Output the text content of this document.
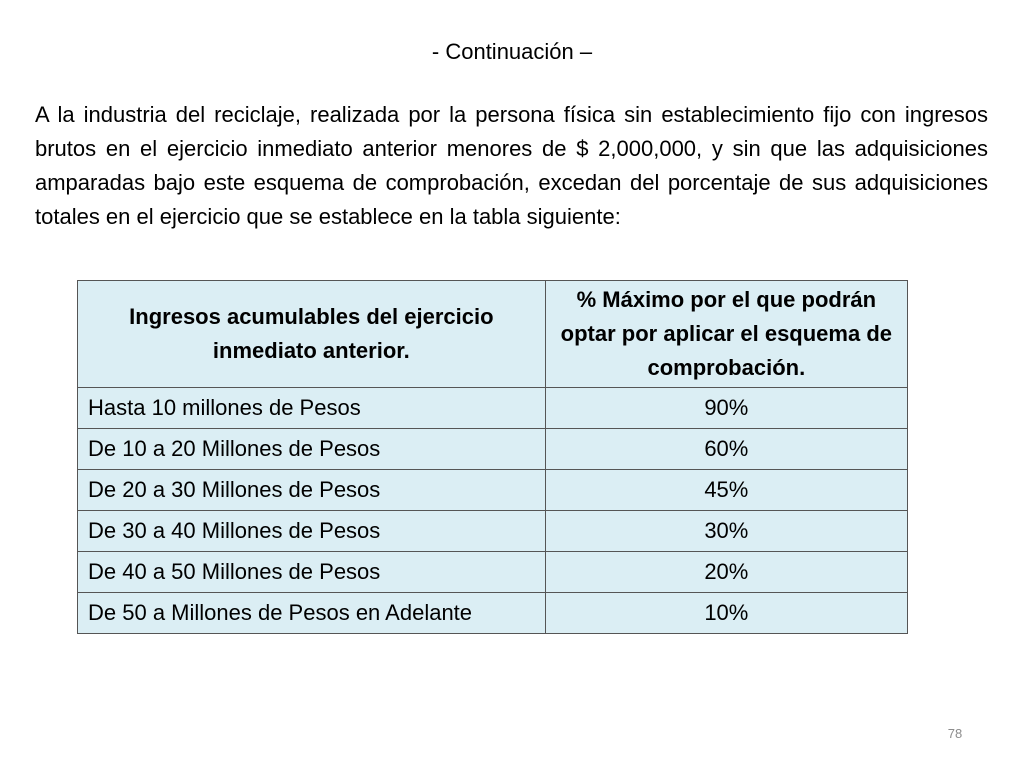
- Continuación –

A la industria del reciclaje, realizada por la persona física sin establecimiento fijo con ingresos brutos en el ejercicio inmediato anterior menores de $ 2,000,000, y sin que las adquisiciones amparadas bajo este esquema de comprobación, excedan del porcentaje de sus adquisiciones totales en el ejercicio que se establece en la tabla siguiente:

Ingresos acumulables del ejercicio inmediato anterior.	% Máximo por el que podrán optar por aplicar el esquema de comprobación.
Hasta 10 millones de Pesos	90%
De 10 a 20 Millones de Pesos	60%
De 20 a 30 Millones de Pesos	45%
De 30 a 40 Millones de Pesos	30%
De 40 a 50 Millones de Pesos	20%
De 50 a Millones de Pesos en Adelante	10%
78
